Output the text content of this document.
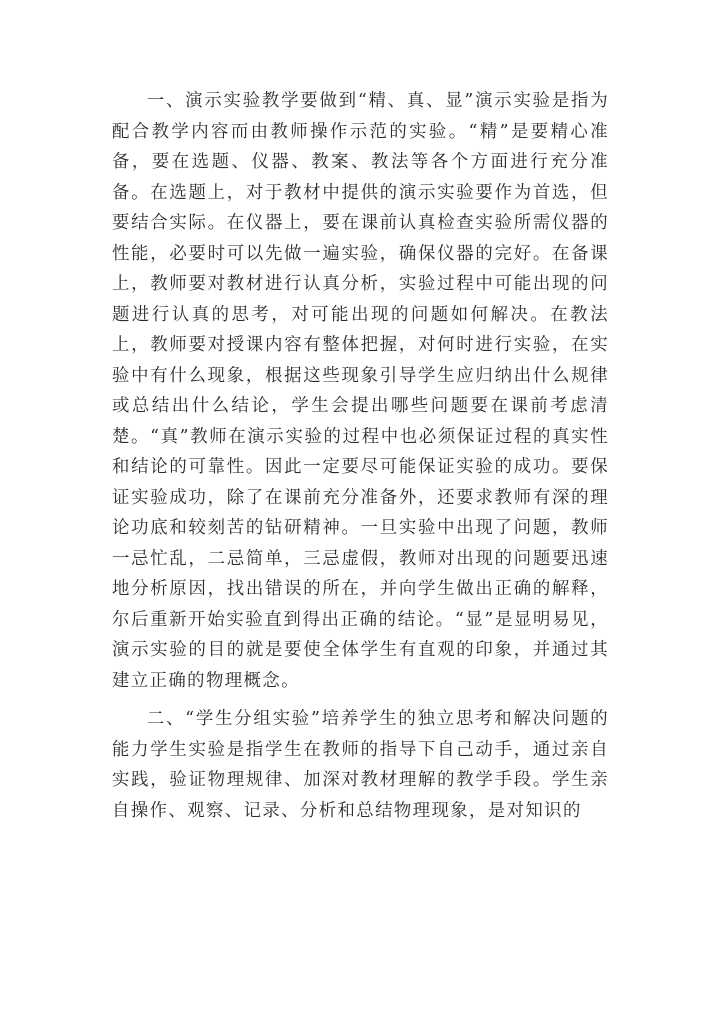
一、演示实验教学要做到“精、真、显”演示实验是指为配合教学内容而由教师操作示范的实验。“精”是要精心准备，要在选题、仪器、教案、教法等各个方面进行充分准备。在选题上，对于教材中提供的演示实验要作为首选，但要结合实际。在仪器上，要在课前认真检查实验所需仪器的性能，必要时可以先做一遍实验，确保仪器的完好。在备课上，教师要对教材进行认真分析，实验过程中可能出现的问题进行认真的思考，对可能出现的问题如何解决。在教法上，教师要对授课内容有整体把握，对何时进行实验，在实验中有什么现象，根据这些现象引导学生应归纳出什么规律或总结出什么结论，学生会提出哪些问题要在课前考虑清楚。“真”教师在演示实验的过程中也必须保证过程的真实性和结论的可靠性。因此一定要尽可能保证实验的成功。要保证实验成功，除了在课前充分准备外，还要求教师有深的理论功底和较刻苦的钻研精神。一旦实验中出现了问题，教师一忌忙乱，二忌简单，三忌虚假，教师对出现的问题要迅速地分析原因，找出错误的所在，并向学生做出正确的解释，尔后重新开始实验直到得出正确的结论。“显”是显明易见，演示实验的目的就是要使全体学生有直观的印象，并通过其建立正确的物理概念。

二、“学生分组实验”培养学生的独立思考和解决问题的能力学生实验是指学生在教师的指导下自己动手，通过亲自实践，验证物理规律、加深对教材理解的教学手段。学生亲自操作、观察、记录、分析和总结物理现象，是对知识的
